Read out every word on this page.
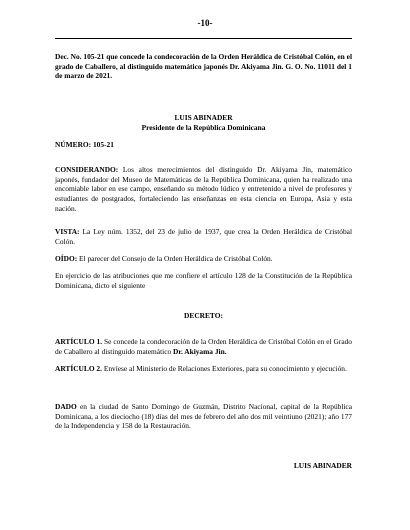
-10-
Dec. No. 105-21 que concede la condecoración de la Orden Heráldica de Cristóbal Colón, en el grado de Caballero, al distinguido matemático japonés Dr. Akiyama Jin. G. O. No. 11011 del 1 de marzo de 2021.
LUIS ABINADER
Presidente de la República Dominicana
NÚMERO: 105-21
CONSIDERANDO: Los altos merecimientos del distinguido Dr. Akiyama Jin, matemático japonés, fundador del Museo de Matemáticas de la República Dominicana, quien ha realizado una encomiable labor en ese campo, enseñando su método lúdico y entretenido a nivel de profesores y estudiantes de postgrados, fortaleciendo las enseñanzas en esta ciencia en Europa, Asia y esta nación.
VISTA: La Ley núm. 1352, del 23 de julio de 1937, que crea la Orden Heráldica de Cristóbal Colón.
OÍDO: El parecer del Consejo de la Orden Heráldica de Cristóbal Colón.
En ejercicio de las atribuciones que me confiere el artículo 128 de la Constitución de la República Dominicana, dicto el siguiente
DECRETO:
ARTÍCULO 1. Se concede la condecoración de la Orden Heráldica de Cristóbal Colón en el Grado de Caballero al distinguido matemático Dr. Akiyama Jin.
ARTÍCULO 2. Envíese al Ministerio de Relaciones Exteriores, para su conocimiento y ejecución.
DADO en la ciudad de Santo Domingo de Guzmán, Distrito Nacional, capital de la República Dominicana, a los dieciocho (18) días del mes de febrero del año dos mil veintiuno (2021); año 177 de la Independencia y 158 de la Restauración.
LUIS ABINADER
